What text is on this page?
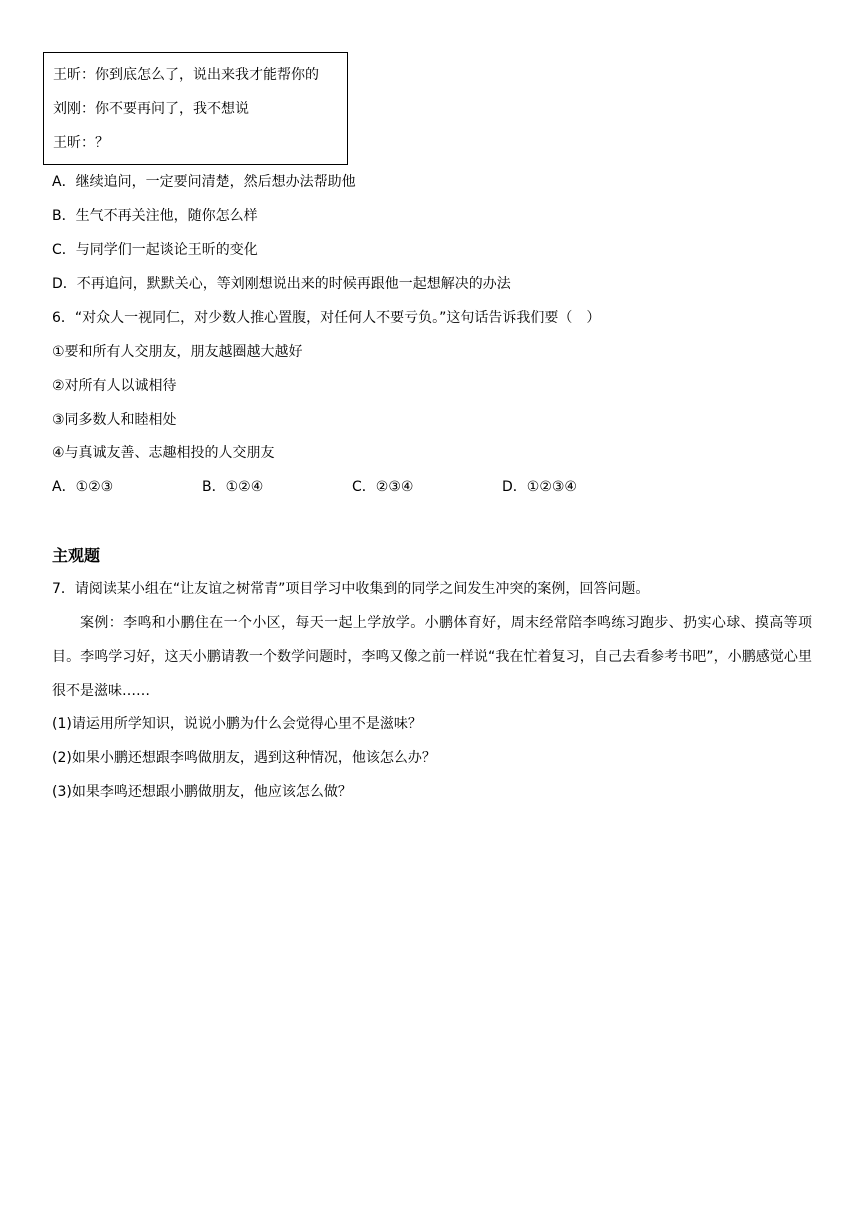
王昕：你到底怎么了，说出来我才能帮你的
刘刚：你不要再问了，我不想说
王昕：？
A．继续追问，一定要问清楚，然后想办法帮助他
B．生气不再关注他，随你怎么样
C．与同学们一起谈论王昕的变化
D．不再追问，默默关心，等刘刚想说出来的时候再跟他一起想解决的办法
6．“对众人一视同仁，对少数人推心置腹，对任何人不要亏负。”这句话告诉我们要（　）
①要和所有人交朋友，朋友越圈越大越好
②对所有人以诚相待
③同多数人和睦相处
④与真诚友善、志趣相投的人交朋友
A．①②③	B．①②④	C．②③④	D．①②③④
主观题
7．请阅读某小组在“让友谊之树常青”项目学习中收集到的同学之间发生冲突的案例，回答问题。
案例：李鸣和小鹏住在一个小区，每天一起上学放学。小鹏体育好，周末经常陪李鸣练习跑步、扔实心球、摸高等项目。李鸣学习好，这天小鹏请教一个数学问题时，李鸣又像之前一样说“我在忙着复习，自己去看参考书吧”，小鹏感觉心里很不是滋味……
(1)请运用所学知识，说说小鹏为什么会觉得心里不是滋味？
(2)如果小鹏还想跟李鸣做朋友，遇到这种情况，他该怎么办？
(3)如果李鸣还想跟小鹏做朋友，他应该怎么做？
